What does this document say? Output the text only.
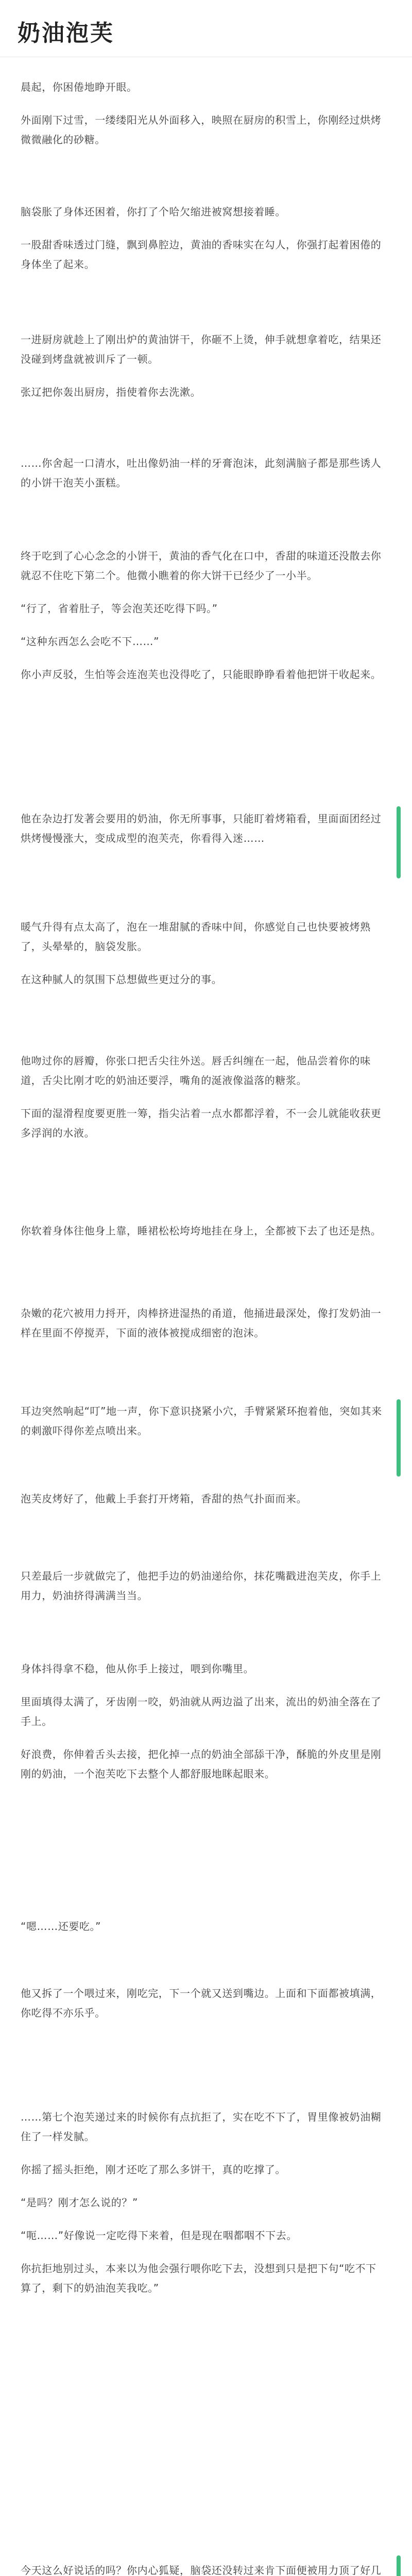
奶油泡芙

晨起，你困倦地睁开眼。

外面刚下过雪，一缕缕阳光从外面移入，映照在厨房的积雪上，你刚经过烘烤微微融化的砂糖。

脑袋胀了身体还困着，你打了个哈欠缩进被窝想接着睡。

一股甜香味透过门缝，飘到鼻腔边，黄油的香味实在勾人，你强打起着困倦的身体坐了起来。

一进厨房就趁上了刚出炉的黄油饼干，你砸不上烫，伸手就想拿着吃，结果还没碰到烤盘就被训斥了一顿。

张辽把你轰出厨房，指使着你去洗漱。

……你舍起一口清水，吐出像奶油一样的牙膏泡沫，此刻满脑子都是那些诱人的小饼干泡芙小蛋糕。

终于吃到了心心念念的小饼干，黄油的香气化在口中，香甜的味道还没散去你就忍不住吃下第二个。他微小瞧着的你大饼干已经少了一小半。

“行了，省着肚子，等会泡芙还吃得下吗。”

“这种东西怎么会吃不下……”

你小声反驳，生怕等会连泡芙也没得吃了，只能眼睁睁看着他把饼干收起来。

他在杂边打发著会要用的奶油，你无所事事，只能盯着烤箱看，里面面团经过烘烤慢慢涨大，变成成型的泡芙壳，你看得入迷……

暖气升得有点太高了，泡在一堆甜腻的香味中间，你感觉自己也快要被烤熟了，头晕晕的，脑袋发胀。

在这种腻人的氛围下总想做些更过分的事。

他吻过你的唇瓣，你张口把舌尖往外送。唇舌纠缠在一起，他品尝着你的味道，舌尖比刚才吃的奶油还要浮，嘴角的涎液像溢落的糖浆。

下面的湿滑程度要更胜一筹，指尖沾着一点水都都浮着，不一会儿就能收获更多浮润的水液。

你软着身体往他身上靠，睡裙松松垮垮地挂在身上，全都被下去了也还是热。

杂嫩的花穴被用力捋开，肉棒挤进湿热的甬道，他捅进最深处，像打发奶油一样在里面不停搅弄，下面的液体被搅成细密的泡沫。

耳边突然响起“叮”地一声，你下意识挠紧小穴，手臂紧紧环抱着他，突如其来的刺激吓得你差点喷出来。

泡芙皮烤好了，他戴上手套打开烤箱，香甜的热气扑面而来。

只差最后一步就做完了，他把手边的奶油递给你，抹花嘴戳进泡芙皮，你手上用力，奶油挤得满满当当。

身体抖得拿不稳，他从你手上接过，喂到你嘴里。

里面填得太满了，牙齿刚一咬，奶油就从两边溢了出来，流出的奶油全落在了手上。

好浪费，你伸着舌头去接，把化掉一点的奶油全部舔干净，酥脆的外皮里是刚刚的奶油，一个泡芙吃下去整个人都舒服地眯起眼来。

“嗯……还要吃。”

他又拆了一个喂过来，刚吃完，下一个就又送到嘴边。上面和下面都被填满，你吃得不亦乐乎。

……第七个泡芙递过来的时候你有点抗拒了，实在吃不下了，胃里像被奶油糊住了一样发腻。

你摇了摇头拒绝，刚才还吃了那么多饼干，真的吃撑了。

“是吗？刚才怎么说的？”

“呃……”好像说一定吃得下来着，但是现在咽都咽不下去。

你抗拒地别过头，本来以为他会强行喂你吃下去，没想到只是把下句“吃不下算了，剩下的奶油泡芙我吃。”

今天这么好说话的吗？你内心狐疑，脑袋还没转过来肯下面便被用力顶了好几
